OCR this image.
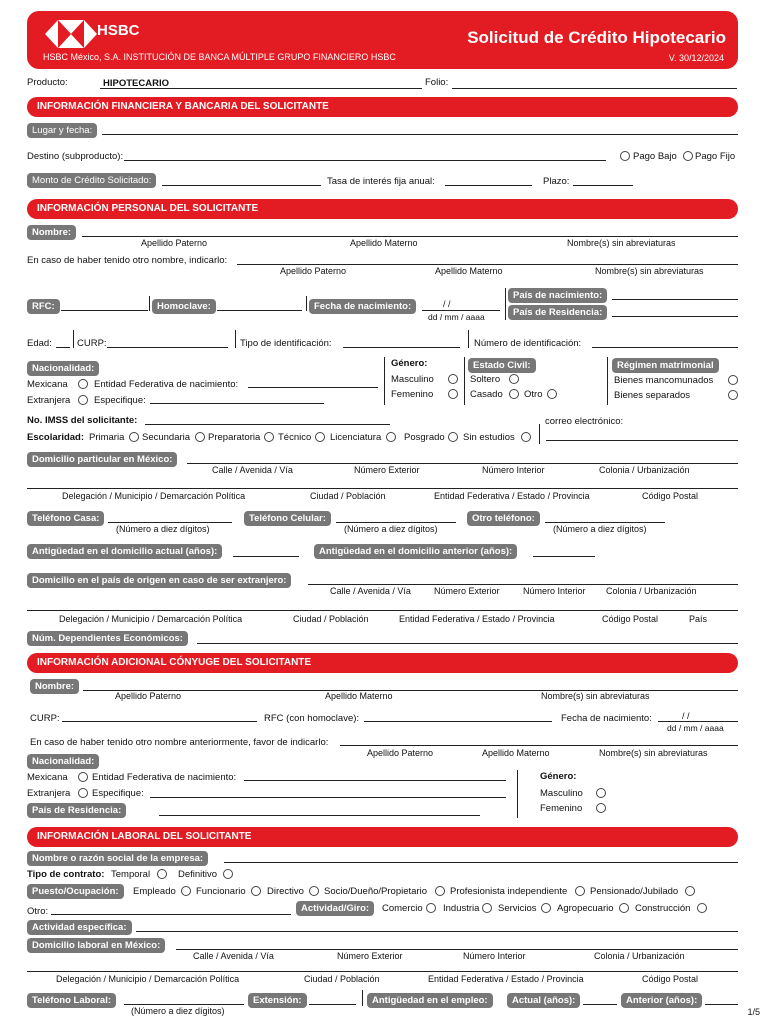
HSBC
HSBC México, S.A. INSTITUCIÓN DE BANCA MÚLTIPLE GRUPO FINANCIERO HSBC
Solicitud de Crédito Hipotecario
V. 30/12/2024
Producto:	HIPOTECARIO	Folio:
INFORMACIÓN FINANCIERA Y BANCARIA DEL SOLICITANTE
Lugar y fecha:
Destino (subproducto):	Pago Bajo Pago Fijo
Monto de Crédito Solicitado:	Tasa de interés fija anual:	Plazo:
INFORMACIÓN PERSONAL DEL SOLICITANTE
Nombre:
Apellido Paterno	Apellido Materno	Nombre(s) sin abreviaturas
En caso de haber tenido otro nombre, indicarlo:
Apellido Paterno	Apellido Materno	Nombre(s) sin abreviaturas
RFC:	Homoclave:	Fecha de nacimiento:	/ /
dd / mm / aaaa
País de nacimiento:
País de Residencia:
Edad:	CURP:	Tipo de identificación:	Número de identificación:
Nacionalidad:
Mexicana	Entidad Federativa de nacimiento:
Extranjera Especifique:
Género:
Masculino
Femenino
Estado Civil:
Soltero
Casado Otro
Régimen matrimonial
Bienes mancomunados
Bienes separados
No. IMSS del solicitante:	correo electrónico:
Escolaridad: Primaria Secundaria Preparatoria Técnico Licenciatura Posgrado Sin estudios
Domicilio particular en México:
Calle / Avenida / Vía	Número Exterior	Número Interior	Colonia / Urbanización
Delegación / Municipio / Demarcación Política	Ciudad / Población	Entidad Federativa / Estado / Provincia	Código Postal
Teléfono Casa:
(Número a diez dígitos)
Teléfono Celular:
(Número a diez dígitos)
Otro teléfono:
(Número a diez dígitos)
Antigüedad en el domicilio actual (años):	Antigüedad en el domicilio anterior (años):
Domicilio en el país de origen en caso de ser extranjero:
Calle / Avenida / Vía	Número Exterior	Número Interior Colonia / Urbanización
Delegación / Municipio / Demarcación Política	Ciudad / Población	Entidad Federativa / Estado / Provincia	Código Postal	País
Núm. Dependientes Económicos:
INFORMACIÓN ADICIONAL CÓNYUGE DEL SOLICITANTE
Nombre:
Apellido Paterno	Apellido Materno	Nombre(s) sin abreviaturas
CURP:	RFC (con homoclave):	Fecha de nacimiento:	/ /
dd / mm / aaaa
En caso de haber tenido otro nombre anteriormente, favor de indicarlo:
Apellido Paterno	Apellido Materno	Nombre(s) sin abreviaturas
Nacionalidad:
Mexicana	Entidad Federativa de nacimiento:
Extranjera Especifique:
País de Residencia:
Género:
Masculino
Femenino
INFORMACIÓN LABORAL DEL SOLICITANTE
Nombre o razón social de la empresa:
Tipo de contrato: Temporal	Definitivo
Puesto/Ocupación:	Empleado Funcionario Directivo Socio/Dueño/Propietario Profesionista independiente Pensionado/Jubilado
Otro:	Actividad/Giro:	Comercio Industria Servicios Agropecuario Construcción
Actividad específica:
Domicilio laboral en México:
Calle / Avenida / Vía	Número Exterior	Número Interior	Colonia / Urbanización
Delegación / Municipio / Demarcación Política	Ciudad / Población	Entidad Federativa / Estado / Provincia	Código Postal
Teléfono Laboral:
(Número a diez dígitos)
Extensión:	Antigüedad en el empleo:	Actual (años):	Anterior (años):
1/5
